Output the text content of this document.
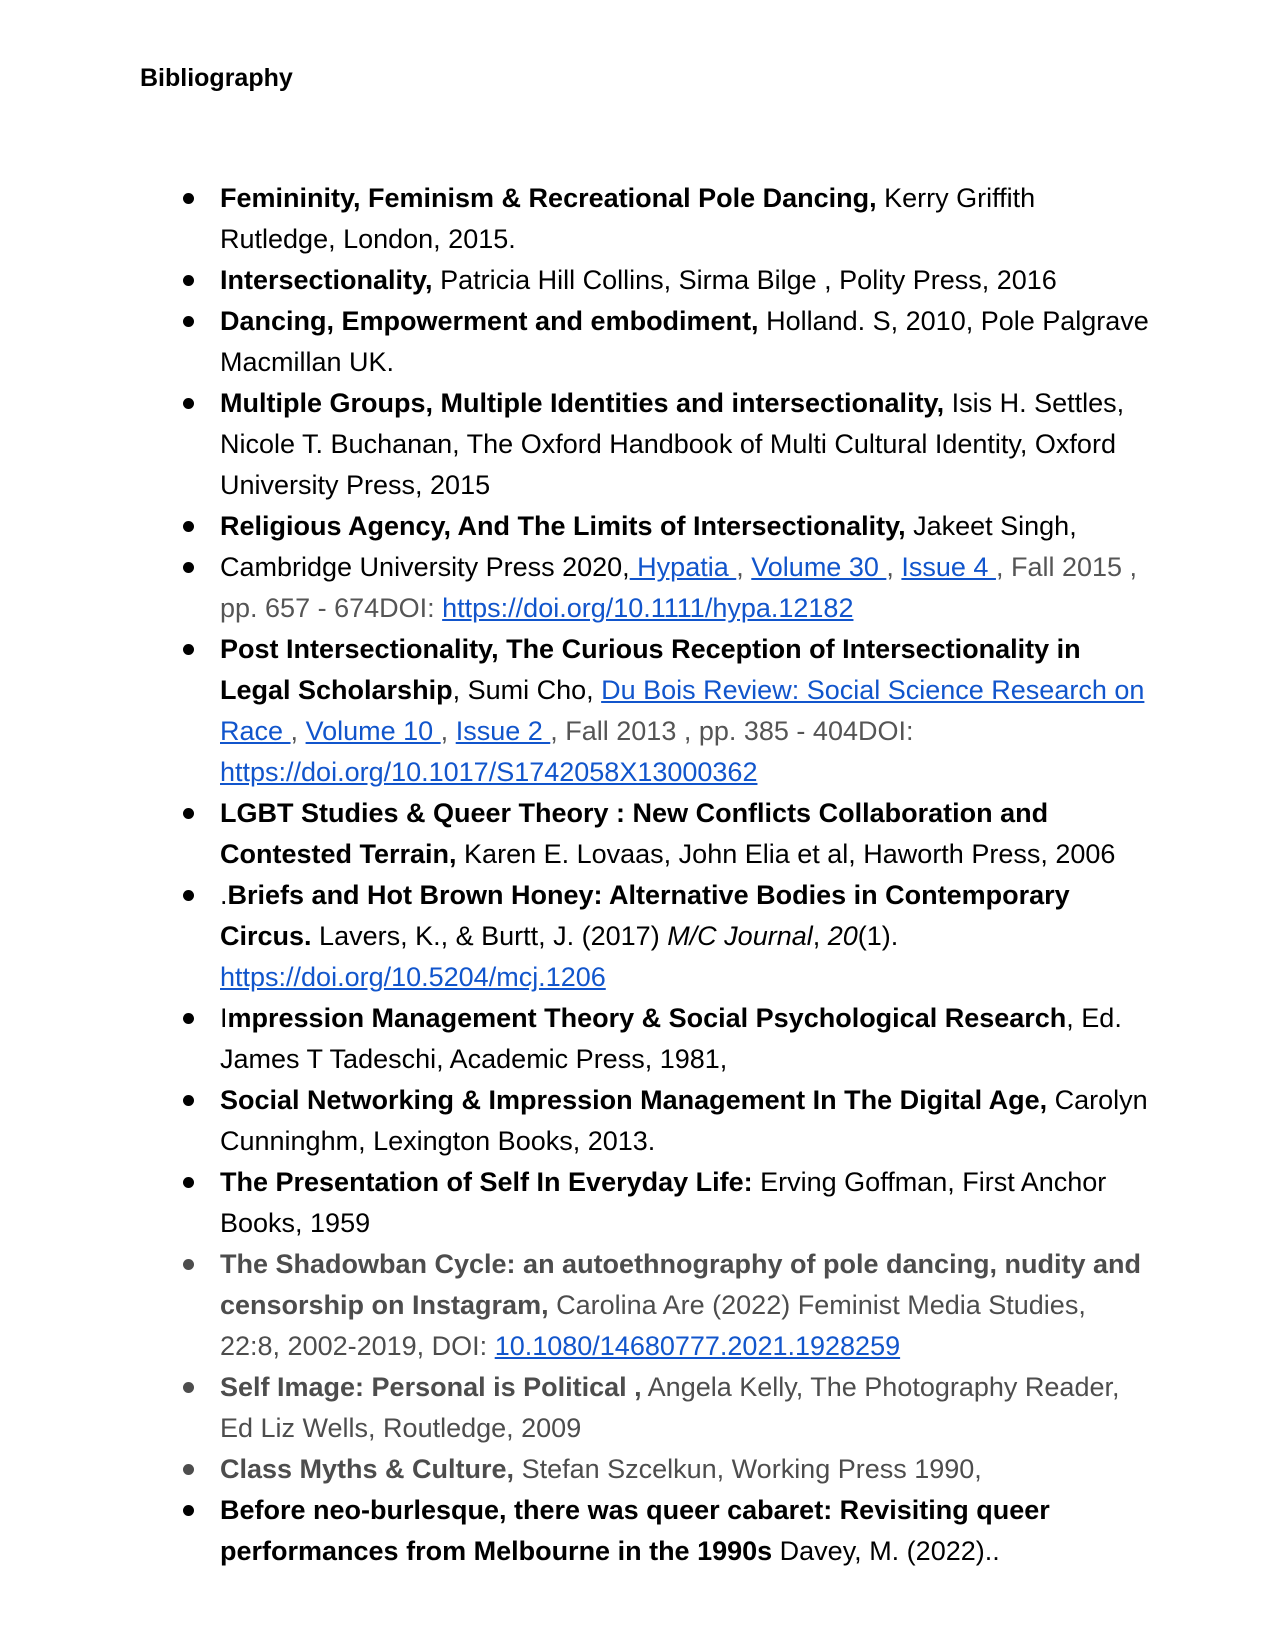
Bibliography
Femininity, Feminism & Recreational Pole Dancing, Kerry Griffith Rutledge, London, 2015.
Intersectionality, Patricia Hill Collins, Sirma Bilge , Polity Press, 2016
Dancing, Empowerment and embodiment, Holland. S, 2010, Pole Palgrave Macmillan UK.
Multiple Groups, Multiple Identities and intersectionality, Isis H. Settles, Nicole T. Buchanan, The Oxford Handbook of Multi Cultural Identity, Oxford University Press, 2015
Religious Agency, And The Limits of Intersectionality, Jakeet Singh,
Cambridge University Press 2020, Hypatia , Volume 30 , Issue 4 , Fall 2015 , pp. 657 - 674DOI: https://doi.org/10.1111/hypa.12182
Post Intersectionality, The Curious Reception of Intersectionality in Legal Scholarship, Sumi Cho, Du Bois Review: Social Science Research on Race , Volume 10 , Issue 2 , Fall 2013 , pp. 385 - 404DOI: https://doi.org/10.1017/S1742058X13000362
LGBT Studies & Queer Theory : New Conflicts Collaboration and Contested Terrain, Karen E. Lovaas, John Elia et al, Haworth Press, 2006
.Briefs and Hot Brown Honey: Alternative Bodies in Contemporary Circus. Lavers, K., & Burtt, J. (2017) M/C Journal, 20(1).
https://doi.org/10.5204/mcj.1206
Impression Management Theory & Social Psychological Research, Ed. James T Tadeschi, Academic Press, 1981,
Social Networking & Impression Management In The Digital Age, Carolyn Cunninghm, Lexington Books, 2013.
The Presentation of Self In Everyday Life: Erving Goffman, First Anchor Books, 1959
The Shadowban Cycle: an autoethnography of pole dancing, nudity and censorship on Instagram, Carolina Are (2022) Feminist Media Studies, 22:8, 2002-2019, DOI: 10.1080/14680777.2021.1928259
Self Image: Personal is Political , Angela Kelly, The Photography Reader, Ed Liz Wells, Routledge, 2009
Class Myths & Culture, Stefan Szcelkun, Working Press 1990,
Before neo-burlesque, there was queer cabaret: Revisiting queer performances from Melbourne in the 1990s Davey, M. (2022)..
